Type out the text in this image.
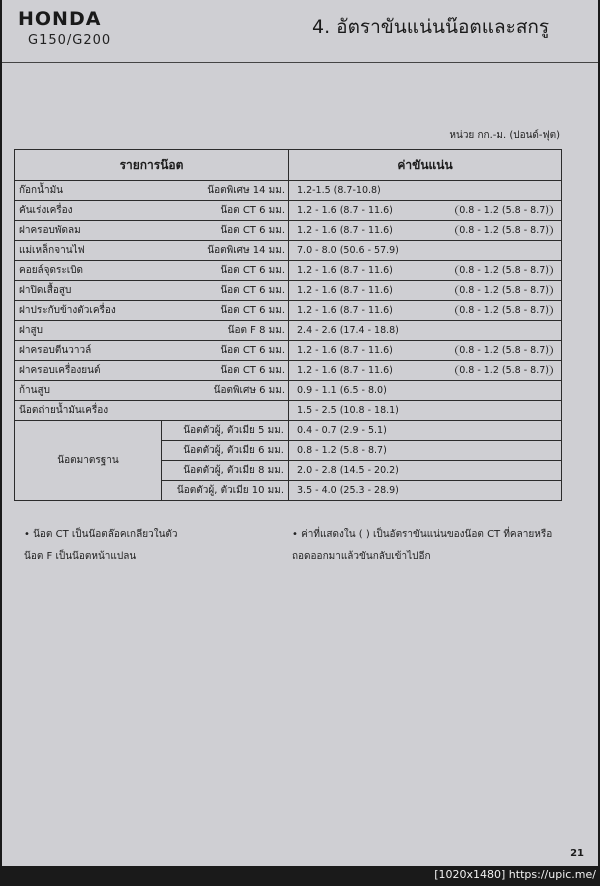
HONDA
G150/G200
4. อัตราขันแน่นน๊อตและสกรู
หน่วย กก.-ม. (ปอนด์-ฟุต)
รายการน๊อต		ค่าขันแน่น

ก๊อกน้ำมัน น๊อตพิเศษ 14 มม.		1.2-1.5 (8.7-10.8)

คันเร่งเครื่อง น๊อต CT 6 มม.		1.2 - 1.6 (8.7 - 11.6) 0.8 - 1.2 (5.8 - 8.7)

ฝาครอบพัดลม น๊อต CT 6 มม.		1.2 - 1.6 (8.7 - 11.6) 0.8 - 1.2 (5.8 - 8.7)

แม่เหล็กจานไฟ น๊อตพิเศษ 14 มม.		7.0 - 8.0 (50.6 - 57.9)

คอยล์จุดระเบิด น๊อต CT 6 มม.		1.2 - 1.6 (8.7 - 11.6) 0.8 - 1.2 (5.8 - 8.7)

ฝาปิดเสื้อสูบ น๊อต CT 6 มม.		1.2 - 1.6 (8.7 - 11.6) 0.8 - 1.2 (5.8 - 8.7)

ฝาประกับข้างตัวเครื่อง น๊อต CT 6 มม.		1.2 - 1.6 (8.7 - 11.6) 0.8 - 1.2 (5.8 - 8.7)

ฝาสูบ น๊อต F 8 มม.		2.4 - 2.6 (17.4 - 18.8)

ฝาครอบตีนวาวล์ น๊อต CT 6 มม.		1.2 - 1.6 (8.7 - 11.6) 0.8 - 1.2 (5.8 - 8.7)

ฝาครอบเครื่องยนต์ น๊อต CT 6 มม.		1.2 - 1.6 (8.7 - 11.6) 0.8 - 1.2 (5.8 - 8.7)

ก้านสูบ น๊อตพิเศษ 6 มม.		0.9 - 1.1 (6.5 - 8.0)

น๊อตถ่ายน้ำมันเครื่อง		1.5 - 2.5 (10.8 - 18.1)
น๊อตมาตรฐาน	น๊อตตัวผู้, ตัวเมีย 5 มม.	0.4 - 0.7 (2.9 - 5.1)
	น๊อตตัวผู้, ตัวเมีย 6 มม.	0.8 - 1.2 (5.8 - 8.7)
	น๊อตตัวผู้, ตัวเมีย 8 มม.	2.0 - 2.8 (14.5 - 20.2)
	น๊อตตัวผู้, ตัวเมีย 10 มม.	3.5 - 4.0 (25.3 - 28.9)
• น๊อต CT เป็นน๊อตล๊อคเกลียวในตัว
น๊อต F เป็นน๊อตหน้าแปลน
• ค่าที่แสดงใน ( ) เป็นอัตราขันแน่นของน๊อต CT ที่คลายหรือ
ถอดออกมาแล้วขันกลับเข้าไปอีก
21
[1020x1480] https://upic.me/
